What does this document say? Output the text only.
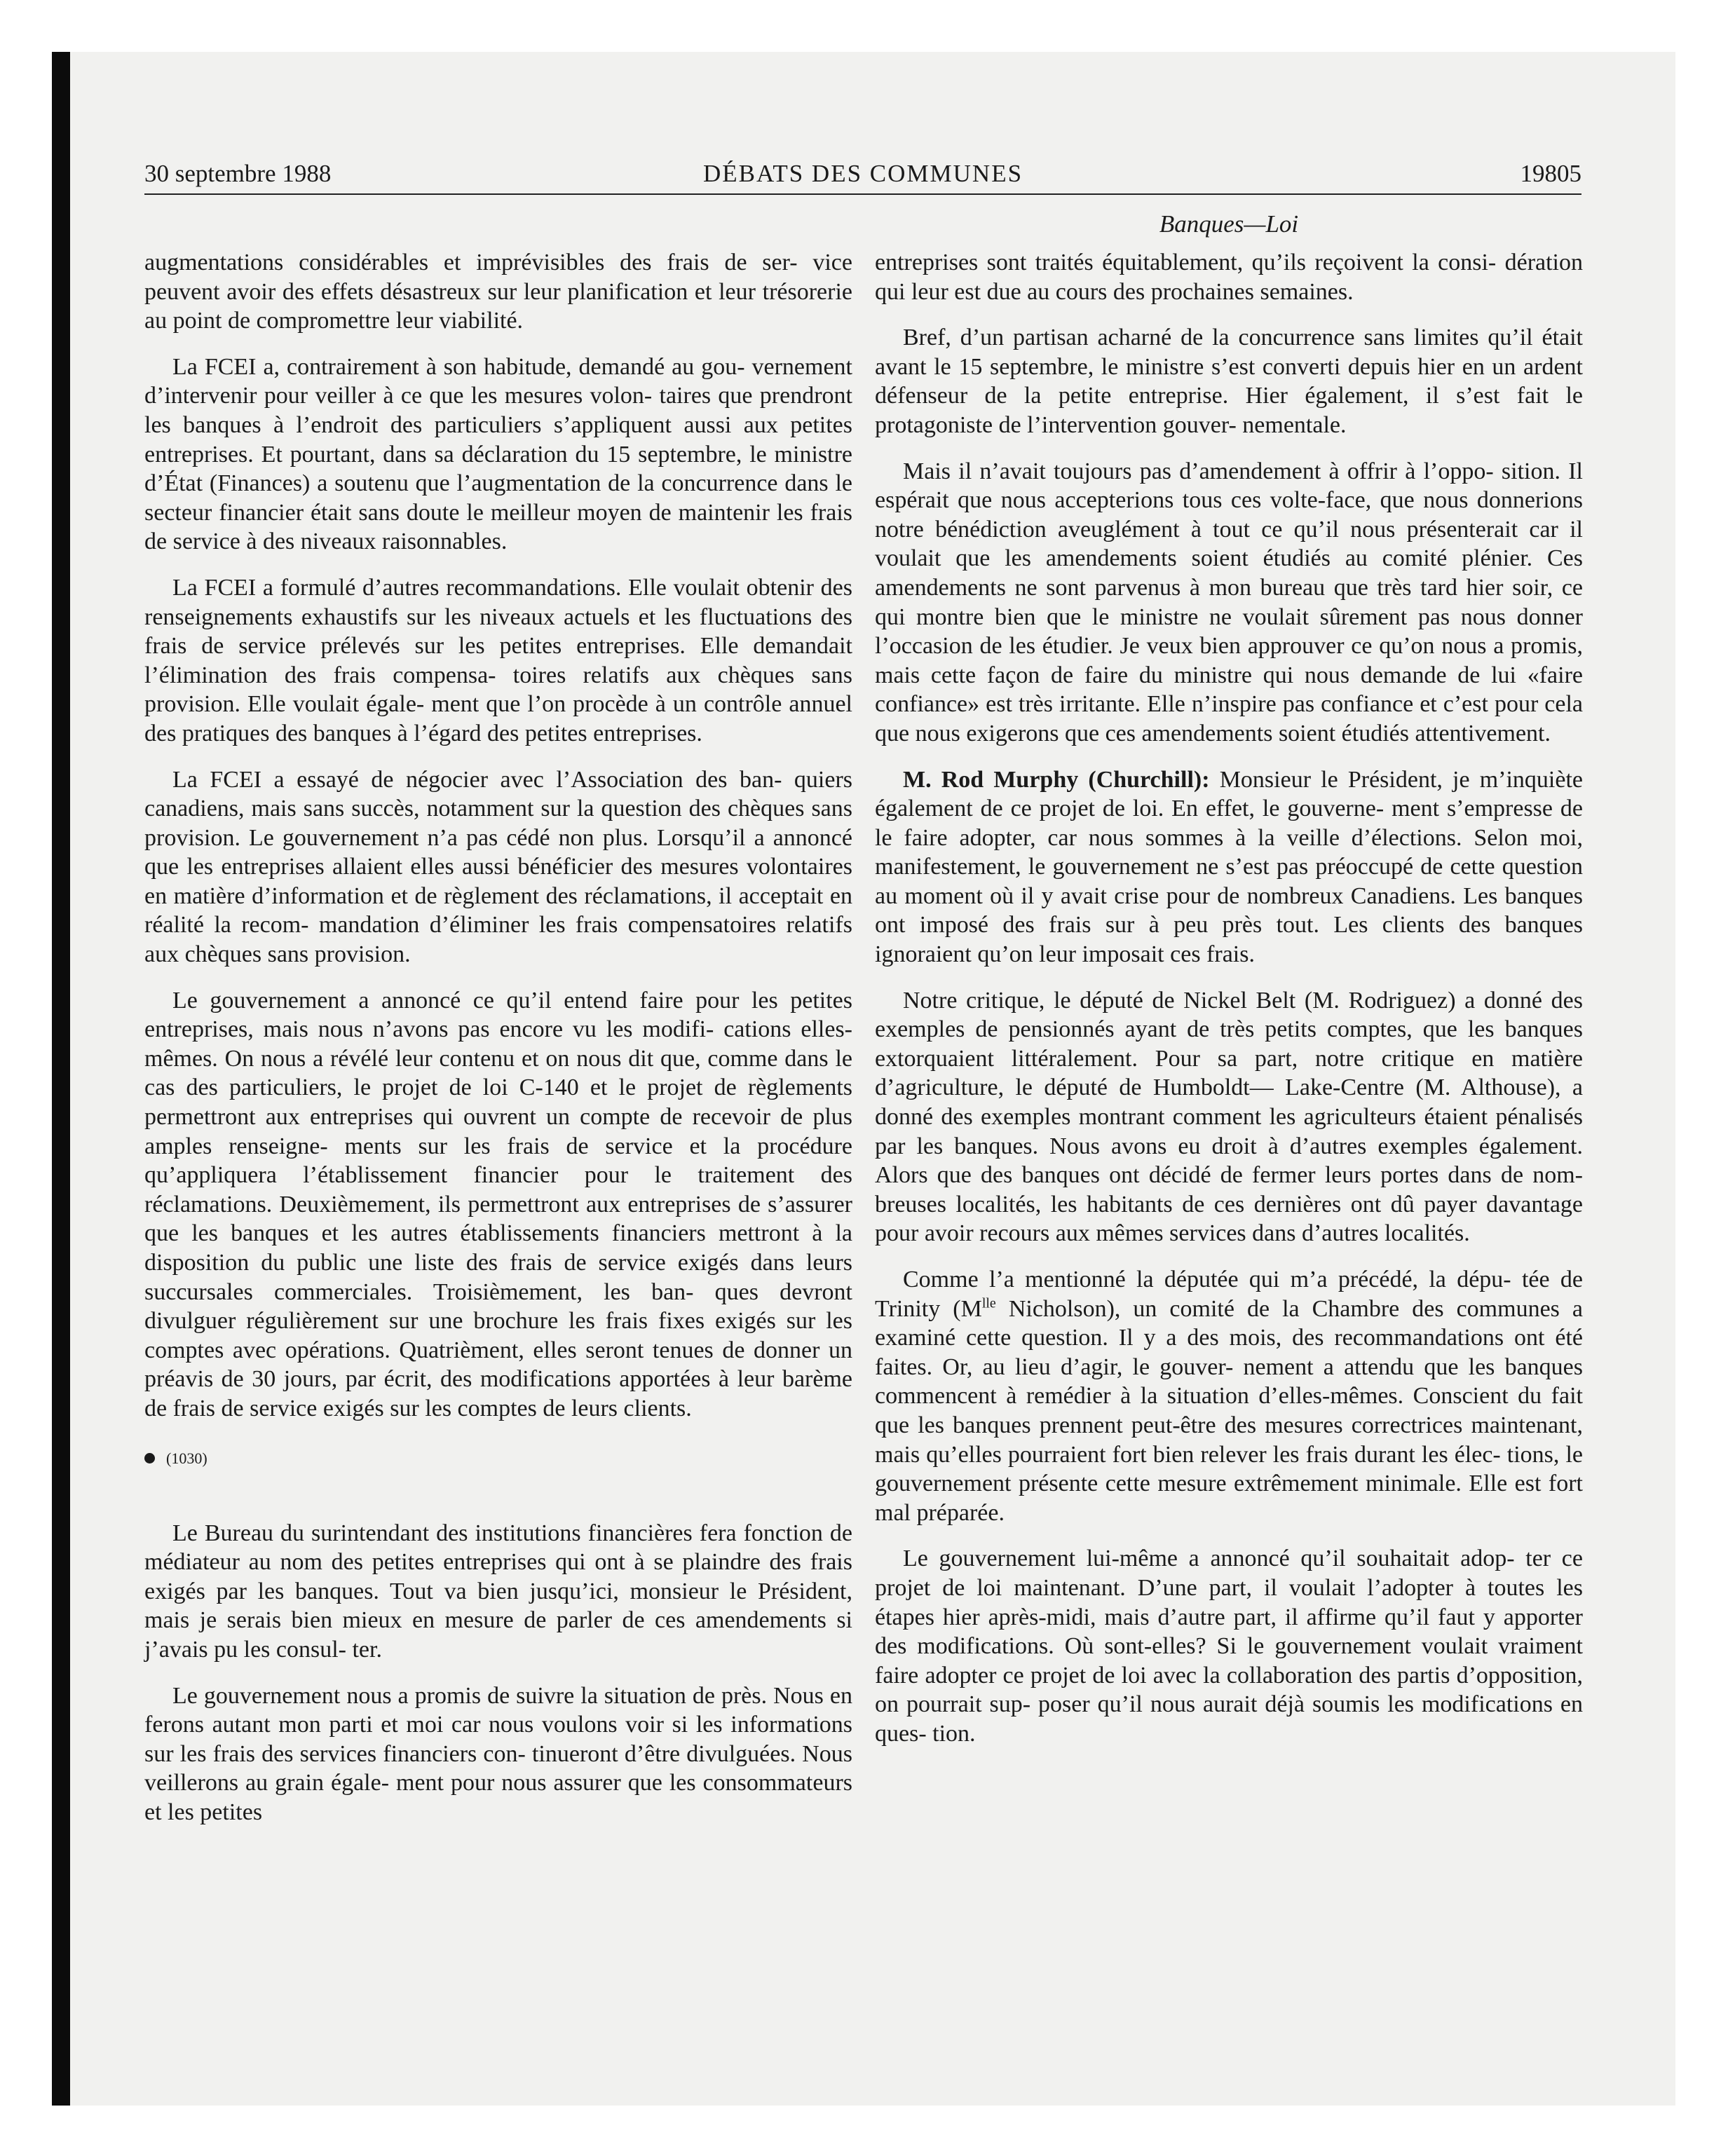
30 septembre 1988	DÉBATS DES COMMUNES	19805
Banques—Loi

augmentations considérables et imprévisibles des frais de ser- vice peuvent avoir des effets désastreux sur leur planification et leur trésorerie au point de compromettre leur viabilité.

La FCEI a, contrairement à son habitude, demandé au gou- vernement d’intervenir pour veiller à ce que les mesures volon- taires que prendront les banques à l’endroit des particuliers s’appliquent aussi aux petites entreprises. Et pourtant, dans sa déclaration du 15 septembre, le ministre d’État (Finances) a soutenu que l’augmentation de la concurrence dans le secteur financier était sans doute le meilleur moyen de maintenir les frais de service à des niveaux raisonnables.

La FCEI a formulé d’autres recommandations. Elle voulait obtenir des renseignements exhaustifs sur les niveaux actuels et les fluctuations des frais de service prélevés sur les petites entreprises. Elle demandait l’élimination des frais compensa- toires relatifs aux chèques sans provision. Elle voulait égale- ment que l’on procède à un contrôle annuel des pratiques des banques à l’égard des petites entreprises.

La FCEI a essayé de négocier avec l’Association des ban- quiers canadiens, mais sans succès, notamment sur la question des chèques sans provision. Le gouvernement n’a pas cédé non plus. Lorsqu’il a annoncé que les entreprises allaient elles aussi bénéficier des mesures volontaires en matière d’information et de règlement des réclamations, il acceptait en réalité la recom- mandation d’éliminer les frais compensatoires relatifs aux chèques sans provision.

Le gouvernement a annoncé ce qu’il entend faire pour les petites entreprises, mais nous n’avons pas encore vu les modifi- cations elles-mêmes. On nous a révélé leur contenu et on nous dit que, comme dans le cas des particuliers, le projet de loi C-140 et le projet de règlements permettront aux entreprises qui ouvrent un compte de recevoir de plus amples renseigne- ments sur les frais de service et la procédure qu’appliquera l’établissement financier pour le traitement des réclamations. Deuxièmement, ils permettront aux entreprises de s’assurer que les banques et les autres établissements financiers mettront à la disposition du public une liste des frais de service exigés dans leurs succursales commerciales. Troisièmement, les ban- ques devront divulguer régulièrement sur une brochure les frais fixes exigés sur les comptes avec opérations. Quatrièment, elles seront tenues de donner un préavis de 30 jours, par écrit, des modifications apportées à leur barème de frais de service exigés sur les comptes de leurs clients.

(1030)

Le Bureau du surintendant des institutions financières fera fonction de médiateur au nom des petites entreprises qui ont à se plaindre des frais exigés par les banques. Tout va bien jusqu’ici, monsieur le Président, mais je serais bien mieux en mesure de parler de ces amendements si j’avais pu les consul- ter.

Le gouvernement nous a promis de suivre la situation de près. Nous en ferons autant mon parti et moi car nous voulons voir si les informations sur les frais des services financiers con- tinueront d’être divulguées. Nous veillerons au grain égale- ment pour nous assurer que les consommateurs et les petites

entreprises sont traités équitablement, qu’ils reçoivent la consi- dération qui leur est due au cours des prochaines semaines.

Bref, d’un partisan acharné de la concurrence sans limites qu’il était avant le 15 septembre, le ministre s’est converti depuis hier en un ardent défenseur de la petite entreprise. Hier également, il s’est fait le protagoniste de l’intervention gouver- nementale.

Mais il n’avait toujours pas d’amendement à offrir à l’oppo- sition. Il espérait que nous accepterions tous ces volte-face, que nous donnerions notre bénédiction aveuglément à tout ce qu’il nous présenterait car il voulait que les amendements soient étudiés au comité plénier. Ces amendements ne sont parvenus à mon bureau que très tard hier soir, ce qui montre bien que le ministre ne voulait sûrement pas nous donner l’occasion de les étudier. Je veux bien approuver ce qu’on nous a promis, mais cette façon de faire du ministre qui nous demande de lui «faire confiance» est très irritante. Elle n’inspire pas confiance et c’est pour cela que nous exigerons que ces amendements soient étudiés attentivement.

M. Rod Murphy (Churchill): Monsieur le Président, je m’inquiète également de ce projet de loi. En effet, le gouverne- ment s’empresse de le faire adopter, car nous sommes à la veille d’élections. Selon moi, manifestement, le gouvernement ne s’est pas préoccupé de cette question au moment où il y avait crise pour de nombreux Canadiens. Les banques ont imposé des frais sur à peu près tout. Les clients des banques ignoraient qu’on leur imposait ces frais.

Notre critique, le député de Nickel Belt (M. Rodriguez) a donné des exemples de pensionnés ayant de très petits comptes, que les banques extorquaient littéralement. Pour sa part, notre critique en matière d’agriculture, le député de Humboldt— Lake-Centre (M. Althouse), a donné des exemples montrant comment les agriculteurs étaient pénalisés par les banques. Nous avons eu droit à d’autres exemples également. Alors que des banques ont décidé de fermer leurs portes dans de nom- breuses localités, les habitants de ces dernières ont dû payer davantage pour avoir recours aux mêmes services dans d’autres localités.

Comme l’a mentionné la députée qui m’a précédé, la dépu- tée de Trinity ($M^{lle}$ Nicholson), un comité de la Chambre des communes a examiné cette question. Il y a des mois, des recommandations ont été faites. Or, au lieu d’agir, le gouver- nement a attendu que les banques commencent à remédier à la situation d’elles-mêmes. Conscient du fait que les banques prennent peut-être des mesures correctrices maintenant, mais qu’elles pourraient fort bien relever les frais durant les élec- tions, le gouvernement présente cette mesure extrêmement minimale. Elle est fort mal préparée.

Le gouvernement lui-même a annoncé qu’il souhaitait adop- ter ce projet de loi maintenant. D’une part, il voulait l’adopter à toutes les étapes hier après-midi, mais d’autre part, il affirme qu’il faut y apporter des modifications. Où sont-elles? Si le gouvernement voulait vraiment faire adopter ce projet de loi avec la collaboration des partis d’opposition, on pourrait sup- poser qu’il nous aurait déjà soumis les modifications en ques- tion.
